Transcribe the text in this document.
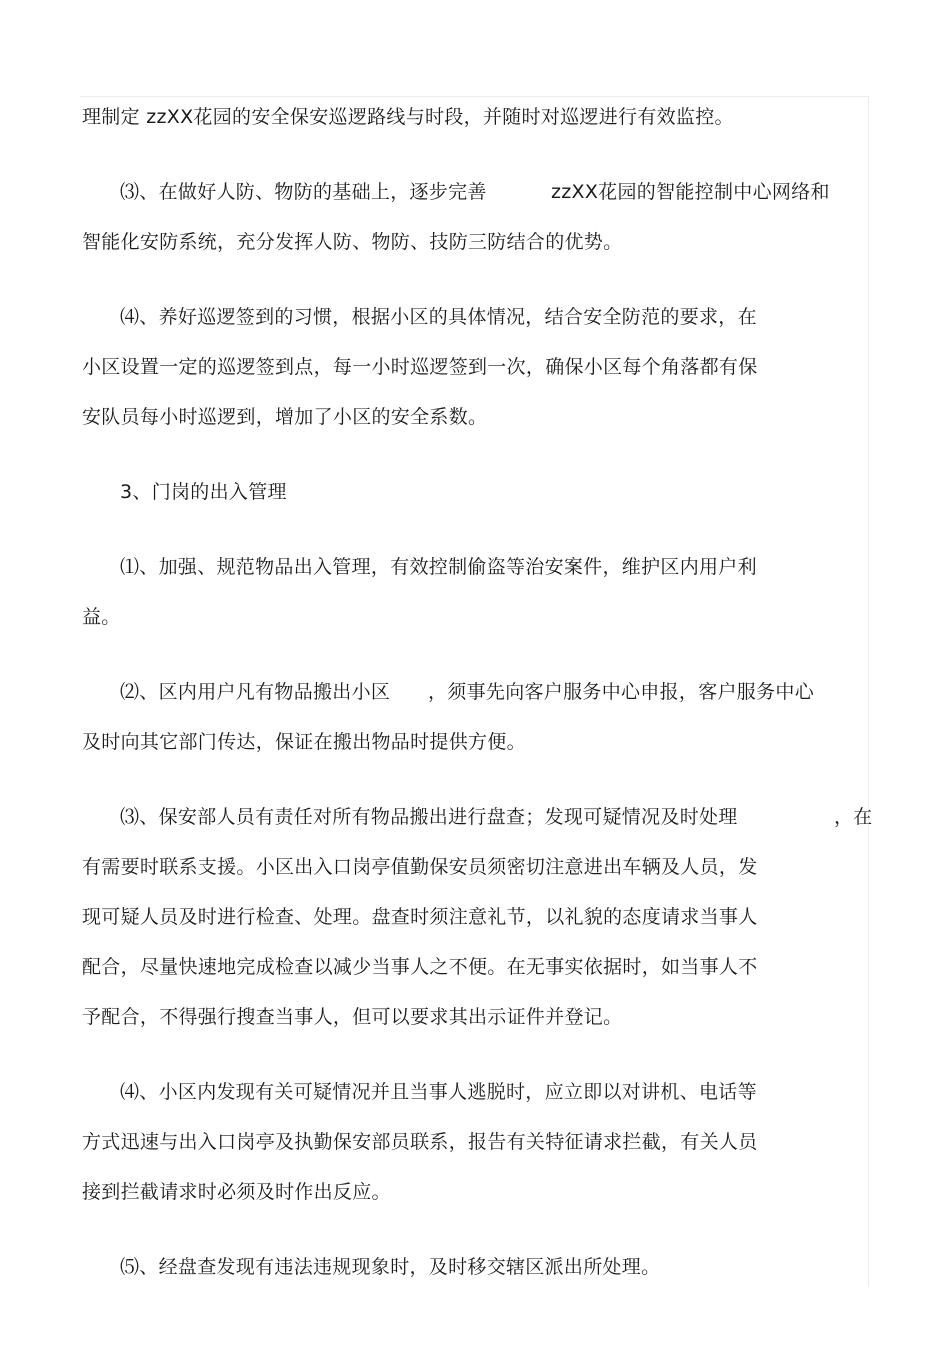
理制定 zzXX花园的安全保安巡逻路线与时段，并随时对巡逻进行有效监控。
⑶、在做好人防、物防的基础上，逐步完善	zzXX花园的智能控制中心网络和
智能化安防系统，充分发挥人防、物防、技防三防结合的优势。
⑷、养好巡逻签到的习惯，根据小区的具体情况，结合安全防范的要求，在
小区设置一定的巡逻签到点，每一小时巡逻签到一次，确保小区每个角落都有保
安队员每小时巡逻到，增加了小区的安全系数。
3、门岗的出入管理
⑴、加强、规范物品出入管理，有效控制偷盗等治安案件，维护区内用户利
益。
⑵、区内用户凡有物品搬出小区 ，须事先向客户服务中心申报，客户服务中心
及时向其它部门传达，保证在搬出物品时提供方便。
⑶、保安部人员有责任对所有物品搬出进行盘查；发现可疑情况及时处理	，在
有需要时联系支援。小区出入口岗亭值勤保安员须密切注意进出车辆及人员，发
现可疑人员及时进行检查、处理。盘查时须注意礼节，以礼貌的态度请求当事人
配合，尽量快速地完成检查以减少当事人之不便。在无事实依据时，如当事人不
予配合，不得强行搜查当事人，但可以要求其出示证件并登记。
⑷、小区内发现有关可疑情况并且当事人逃脱时，应立即以对讲机、电话等
方式迅速与出入口岗亭及执勤保安部员联系，报告有关特征请求拦截，有关人员
接到拦截请求时必须及时作出反应。
⑸、经盘查发现有违法违规现象时，及时移交辖区派出所处理。
